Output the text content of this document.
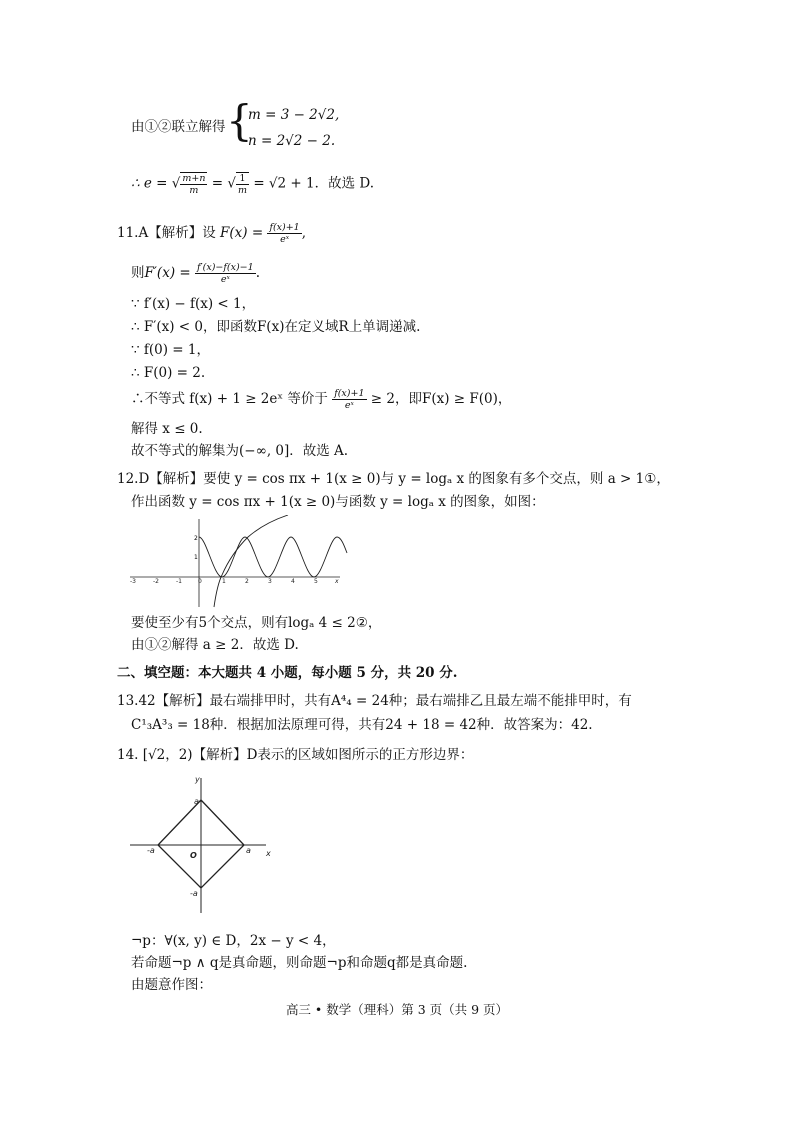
由①②联立解得 {
m = 3 − 2√2,
n = 2√2 − 2.
∴ e = √ $\frac{m+n}{m}$ = √ $\frac{1}{m} = √2 + 1$．故选 D.
11.A【解析】设 $F(x) = \frac{f(x)+1}{\text{eˣ}}$ ,
则$F'(x) = \frac{f'(x)-f(x)-1}{\text{eˣ}}$ .
∵ f′(x) − f(x) < 1，
∴ F′(x) < 0，即函数F(x)在定义域R上单调递减.
∵ f(0) = 1，
∴ F(0) = 2.
∴不等式 f(x) + 1 ≥ 2eˣ 等价于 $\frac{f(x)+1}{\text{eˣ}} \ge 2$，即F(x) ≥ F(0)，
解得 x ≤ 0.
故不等式的解集为(−∞, 0]．故选 A.
12.D【解析】要使 y = cos πx + 1(x ≥ 0)与 y = logₐ x 的图象有多个交点，则 a > 1①，
作出函数 y = cos πx + 1(x ≥ 0)与函数 y = logₐ x 的图象，如图：
-3	-2	-1	0	1	2	3	4	5	x
2
1
要使至少有5个交点，则有logₐ 4 ≤ 2②，
由①②解得 a ≥ 2．故选 D.
二、填空题：本大题共 4 小题，每小题 5 分，共 20 分.
13.42【解析】最右端排甲时，共有A⁴₄ = 24种；最右端排乙且最左端不能排甲时，有
C¹₃A³₃ = 18种．根据加法原理可得，共有24 + 18 = 42种．故答案为：42.
14. [√2，2)【解析】D表示的区域如图所示的正方形边界：
y
x
a
a
-a
-a
O
¬p：∀(x, y) ∈ D，2x − y < 4，
若命题¬p ∧ q是真命题，则命题¬p和命题q都是真命题.
由题意作图：
高三 • 数学（理科）第 3 页（共 9 页）
